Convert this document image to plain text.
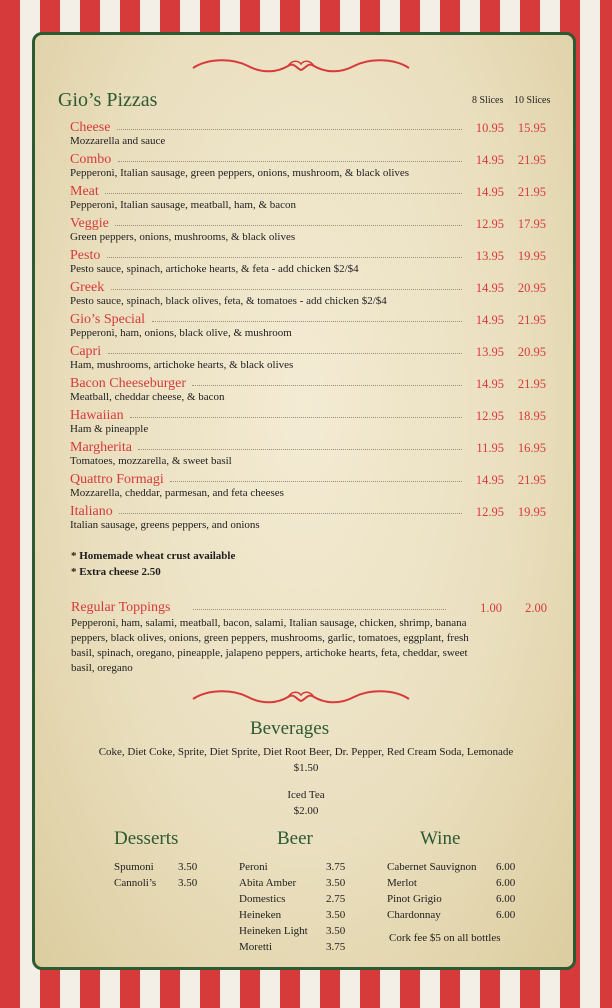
Gio’s Pizzas	8 Slices 10 Slices
Cheese	10.95	15.95
Mozzarella and sauce
Combo	14.95	21.95
Pepperoni, Italian sausage, green peppers, onions, mushroom, & black olives
Meat	14.95	21.95
Pepperoni, Italian sausage, meatball, ham, & bacon
Veggie	12.95	17.95
Green peppers, onions, mushrooms, & black olives
Pesto	13.95	19.95
Pesto sauce, spinach, artichoke hearts, & feta - add chicken $2/$4
Greek	14.95	20.95
Pesto sauce, spinach, black olives, feta, & tomatoes - add chicken $2/$4
Gio’s Special	14.95	21.95
Pepperoni, ham, onions, black olive, & mushroom
Capri	13.95	20.95
Ham, mushrooms, artichoke hearts, & black olives
Bacon Cheeseburger	14.95	21.95
Meatball, cheddar cheese, & bacon
Hawaiian	12.95	18.95
Ham & pineapple
Margherita	11.95	16.95
Tomatoes, mozzarella, & sweet basil
Quattro Formagi	14.95	21.95
Mozzarella, cheddar, parmesan, and feta cheeses
Italiano	12.95	19.95
Italian sausage, greens peppers, and onions
* Homemade wheat crust available
* Extra cheese 2.50
Regular Toppings	1.00	2.00
Pepperoni, ham, salami, meatball, bacon, salami, Italian sausage, chicken, shrimp, banana peppers, black olives, onions, green peppers, mushrooms, garlic, tomatoes, eggplant, fresh basil, spinach, oregano, pineapple, jalapeno peppers, artichoke hearts, feta, cheddar, sweet basil, oregano
Beverages
Coke, Diet Coke, Sprite, Diet Sprite, Diet Root Beer, Dr. Pepper, Red Cream Soda, Lemonade
$1.50
Iced Tea
$2.00
Desserts	Beer	Wine
Spumoni 3.50
Cannoli’s 3.50
Peroni	3.75
Abita Amber	3.50
Domestics	2.75
Heineken	3.50
Heineken Light 3.50
Moretti	3.75
Cabernet Sauvignon 6.00
Merlot	6.00
Pinot Grigio	6.00
Chardonnay	6.00
Cork fee $5 on all bottles
